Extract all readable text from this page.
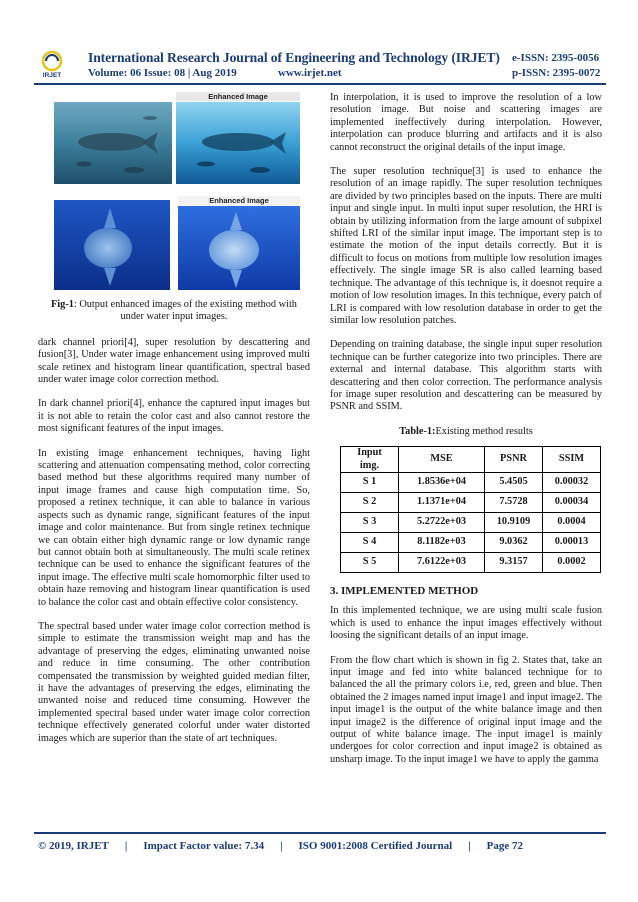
IRJET
International Research Journal of Engineering and Technology (IRJET)
Volume: 06 Issue: 08 | Aug 2019	www.irjet.net
e-ISSN: 2395-0056
p-ISSN: 2395-0072
Enhanced Image
Enhanced Image
Fig-1: Output enhanced images of the existing method with under water input images.

dark channel priori[4], super resolution by descattering and fusion[3], Under water image enhancement using improved multi scale retinex and histogram linear quantification, spectral based under water image color correction method.

In dark channel priori[4], enhance the captured input images but it is not able to retain the color cast and also cannot restore the most significant features of the input images.

In existing image enhancement techniques, having light scattering and attenuation compensating method, color correcting based method but these algorithms required many number of input image frames and cause high computation time. So, proposed a retinex technique, it can able to balance in various aspects such as dynamic range, significant features of the input image and color maintenance. But from single retinex technique we can obtain either high dynamic range or low dynamic range but cannot obtain both at simultaneously. The multi scale retinex technique can be used to enhance the significant features of the input image. The effective multi scale homomorphic filter used to obtain haze removing and histogram linear quantification is used to balance the color cast and obtain effective color consistency.

The spectral based under water image color correction method is simple to estimate the transmission weight map and has the advantage of preserving the edges, eliminating unwanted noise and reduce in time consuming. The other contribution compensated the transmission by weighted guided median filter, it have the advantages of preserving the edges, eliminating the unwanted noise and reduced time consuming. However the implemented spectral based under water image color correction technique effectively generated colorful under water distorted images which are superior than the state of art techniques.

In interpolation, it is used to improve the resolution of a low resolution image. But noise and scattering images are implemented ineffectively during interpolation. However, interpolation can produce blurring and artifacts and it is also cannot reconstruct the original details of the input image.

The super resolution technique[3] is used to enhance the resolution of an image rapidly. The super resolution techniques are divided by two principles based on the inputs. There are multi input and single input. In multi input super resolution, the HRI is obtain by utilizing information from the large amount of subpixel shifted LRI of the similar input image. The important step is to estimate the motion of the input details correctly. But it is difficult to focus on motions from multiple low resolution images effectively. The single image SR is also called learning based technique. The advantage of this technique is, it doesnot require a motion of low resolution images. In this technique, every patch of LRI is compared with low resolution database in order to get the similar low resolution patches.

Depending on training database, the single input super resolution technique can be further categorize into two principles. There are external and internal database. This algorithm starts with descattering and then color correction. The performance analysis for image super resolution and descattering can be measured by PSNR and SSIM.

Table-1:Existing method results
Input img.	MSE	PSNR	SSIM
S 1	1.8536e+04	5.4505	0.00032
S 2	1.1371e+04	7.5728	0.00034
S 3	5.2722e+03	10.9109	0.0004
S 4	8.1182e+03	9.0362	0.00013
S 5	7.6122e+03	9.3157	0.0002
3. IMPLEMENTED METHOD

In this implemented technique, we are using multi scale fusion which is used to enhance the input images effectively without loosing the significant details of an input image.

From the flow chart which is shown in fig 2. States that, take an input image and fed into white balanced technique for to balanced the all the primary colors i.e, red, green and blue. Then obtained the 2 images named input image1 and input image2. The input image1 is the output of the white balance image and then input image2 is the difference of original input image and the output of white balance image. The input image1 is mainly undergoes for color correction and input image2 is obtained as unsharp image. To the input image1 we have to apply the gamma

© 2019, IRJET | Impact Factor value: 7.34 | ISO 9001:2008 Certified Journal | Page 72
